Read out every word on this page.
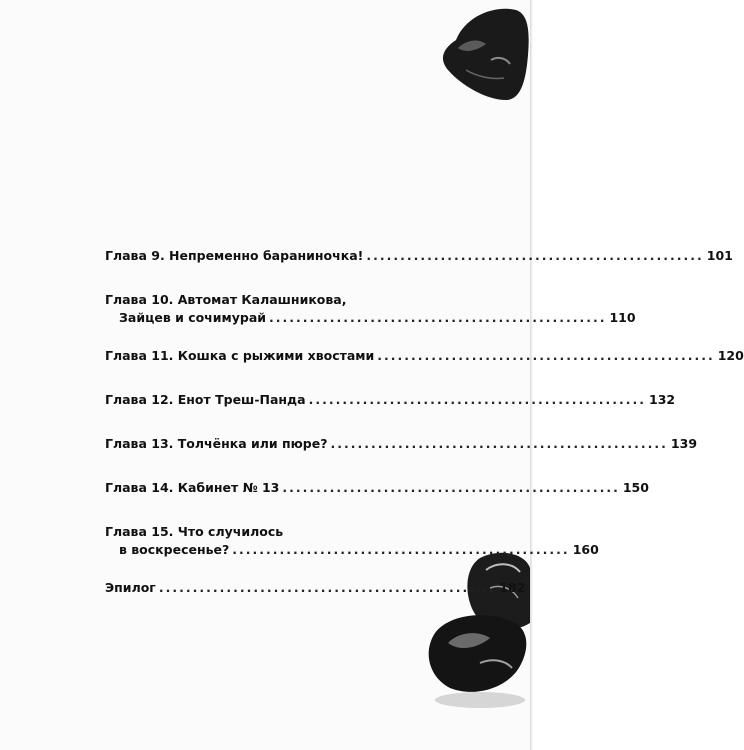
Глава 9. Непременно бараниночка! .................................................. 101
Глава 10. Автомат Калашникова,
Зайцев и сочимурай .................................................. 110
Глава 11. Кошка с рыжими хвостами .................................................. 120
Глава 12. Енот Треш-Панда .................................................. 132
Глава 13. Толчёнка или пюре? .................................................. 139
Глава 14. Кабинет № 13 .................................................. 150
Глава 15. Что случилось
в воскресенье? .................................................. 160
Эпилог .................................................. 182
